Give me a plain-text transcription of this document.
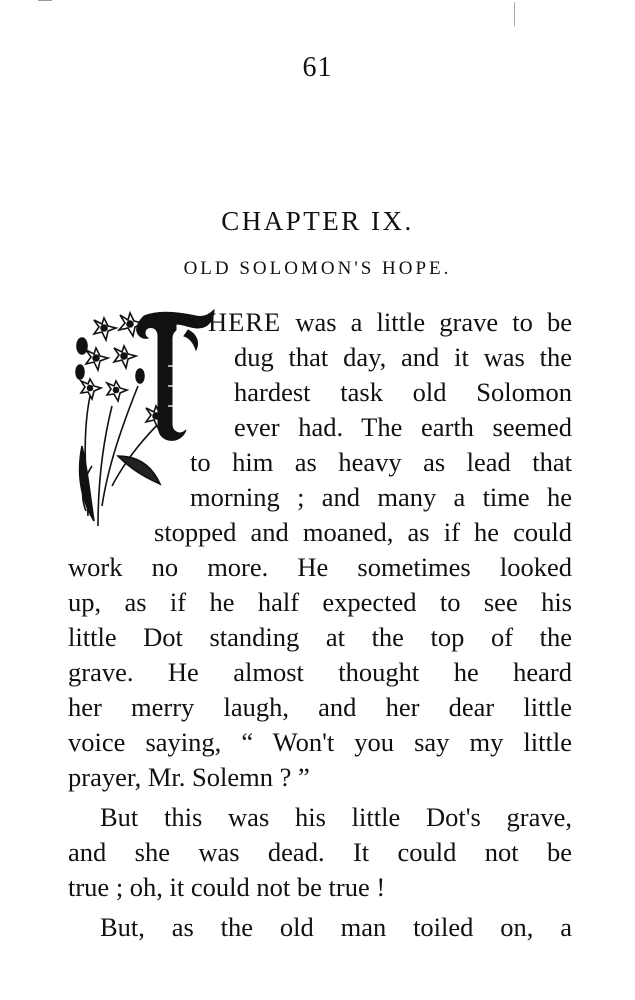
61
CHAPTER IX.
OLD SOLOMON'S HOPE.
HERE was a little grave to be
dug that day, and it was the
hardest task old Solomon
ever had. The earth seemed
to him as heavy as lead that
morning ; and many a time he
stopped and moaned, as if he could
work no more. He sometimes looked
up, as if he half expected to see his
little Dot standing at the top of the
grave. He almost thought he heard
her merry laugh, and her dear little
voice saying, “ Won't you say my little
prayer, Mr. Solemn ? ”
But this was his little Dot's grave,
and she was dead. It could not be
true ; oh, it could not be true !
But, as the old man toiled on, a
